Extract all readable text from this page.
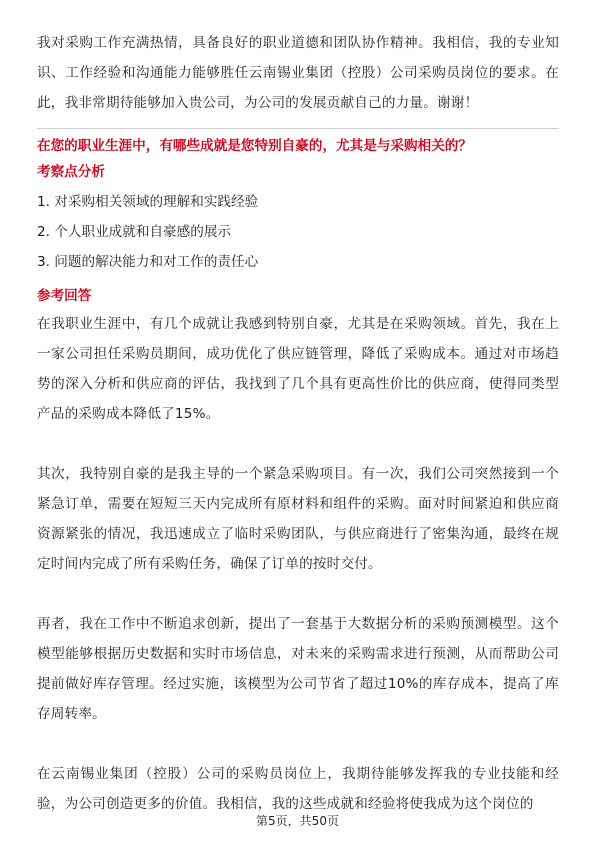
我对采购工作充满热情，具备良好的职业道德和团队协作精神。我相信，我的专业知识、工作经验和沟通能力能够胜任云南锡业集团（控股）公司采购员岗位的要求。在此，我非常期待能够加入贵公司，为公司的发展贡献自己的力量。谢谢！

在您的职业生涯中，有哪些成就是您特别自豪的，尤其是与采购相关的？

考察点分析

1. 对采购相关领域的理解和实践经验
2. 个人职业成就和自豪感的展示
3. 问题的解决能力和对工作的责任心

参考回答

在我职业生涯中，有几个成就让我感到特别自豪，尤其是在采购领域。首先，我在上一家公司担任采购员期间，成功优化了供应链管理，降低了采购成本。通过对市场趋势的深入分析和供应商的评估，我找到了几个具有更高性价比的供应商，使得同类型产品的采购成本降低了15%。

其次，我特别自豪的是我主导的一个紧急采购项目。有一次，我们公司突然接到一个紧急订单，需要在短短三天内完成所有原材料和组件的采购。面对时间紧迫和供应商资源紧张的情况，我迅速成立了临时采购团队，与供应商进行了密集沟通，最终在规定时间内完成了所有采购任务，确保了订单的按时交付。

再者，我在工作中不断追求创新，提出了一套基于大数据分析的采购预测模型。这个模型能够根据历史数据和实时市场信息，对未来的采购需求进行预测，从而帮助公司提前做好库存管理。经过实施，该模型为公司节省了超过10%的库存成本，提高了库存周转率。

在云南锡业集团（控股）公司的采购员岗位上，我期待能够发挥我的专业技能和经验，为公司创造更多的价值。我相信，我的这些成就和经验将使我成为这个岗位的

第5页，共50页
